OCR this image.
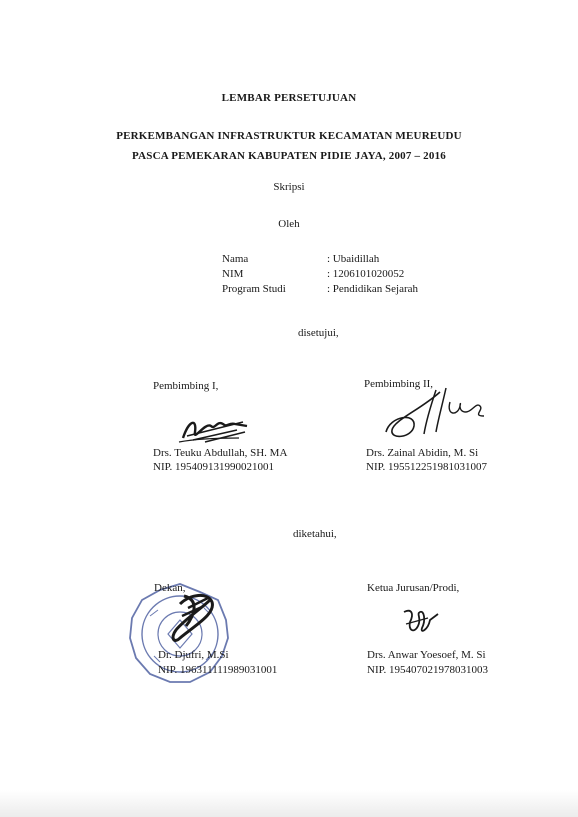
LEMBAR PERSETUJUAN
PERKEMBANGAN INFRASTRUKTUR KECAMATAN MEUREUDU
PASCA PEMEKARAN KABUPATEN PIDIE JAYA, 2007 – 2016
Skripsi
Oleh
Nama	: Ubaidillah
NIM	: 1206101020052
Program Studi	: Pendidikan Sejarah
disetujui,
Pembimbing I,
Drs. Teuku Abdullah, SH. MA
NIP. 195409131990021001
Pembimbing II,
Drs. Zainal Abidin, M. Si
NIP. 195512251981031007
diketahui,
Dekan,
Dr. Djufri, M.Si
NIP. 196311111989031001
Ketua Jurusan/Prodi,
Drs. Anwar Yoesoef, M. Si
NIP. 195407021978031003
